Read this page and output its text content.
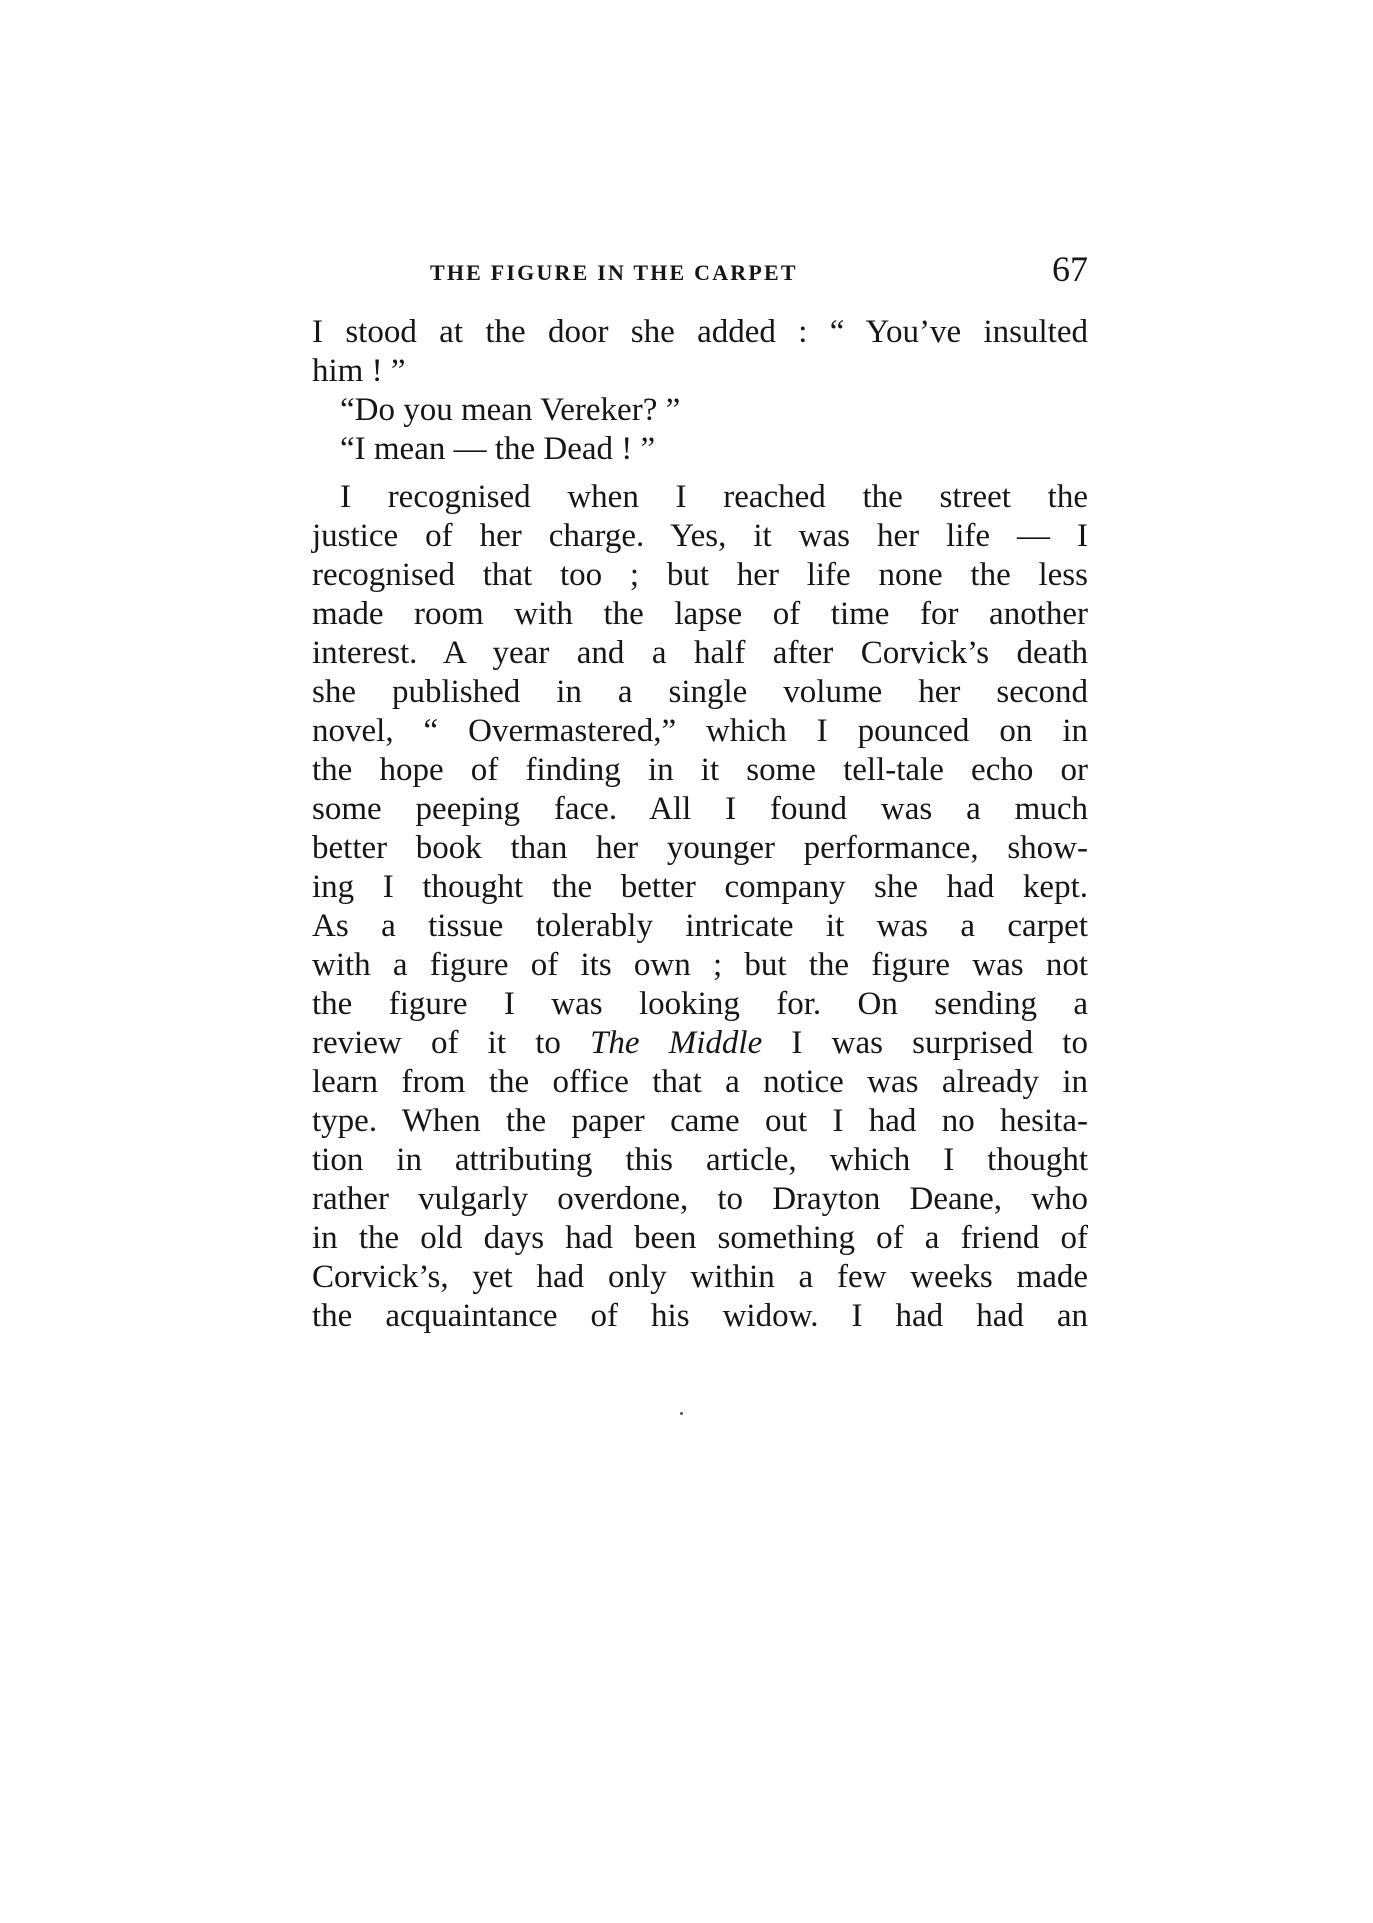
THE FIGURE IN THE CARPET	67
I stood at the door she added : “ You’ve insulted
him ! ”
“Do you mean Vereker? ”
“I mean — the Dead ! ”
I recognised when I reached the street the
justice of her charge. Yes, it was her life — I
recognised that too ; but her life none the less
made room with the lapse of time for another
interest. A year and a half after Corvick’s death
she published in a single volume her second
novel, “ Overmastered,” which I pounced on in
the hope of finding in it some tell-tale echo or
some peeping face. All I found was a much
better book than her younger performance, show-
ing I thought the better company she had kept.
As a tissue tolerably intricate it was a carpet
with a figure of its own ; but the figure was not
the figure I was looking for. On sending a
review of it to The Middle I was surprised to
learn from the office that a notice was already in
type. When the paper came out I had no hesita-
tion in attributing this article, which I thought
rather vulgarly overdone, to Drayton Deane, who
in the old days had been something of a friend of
Corvick’s, yet had only within a few weeks made
the acquaintance of his widow. I had had an
